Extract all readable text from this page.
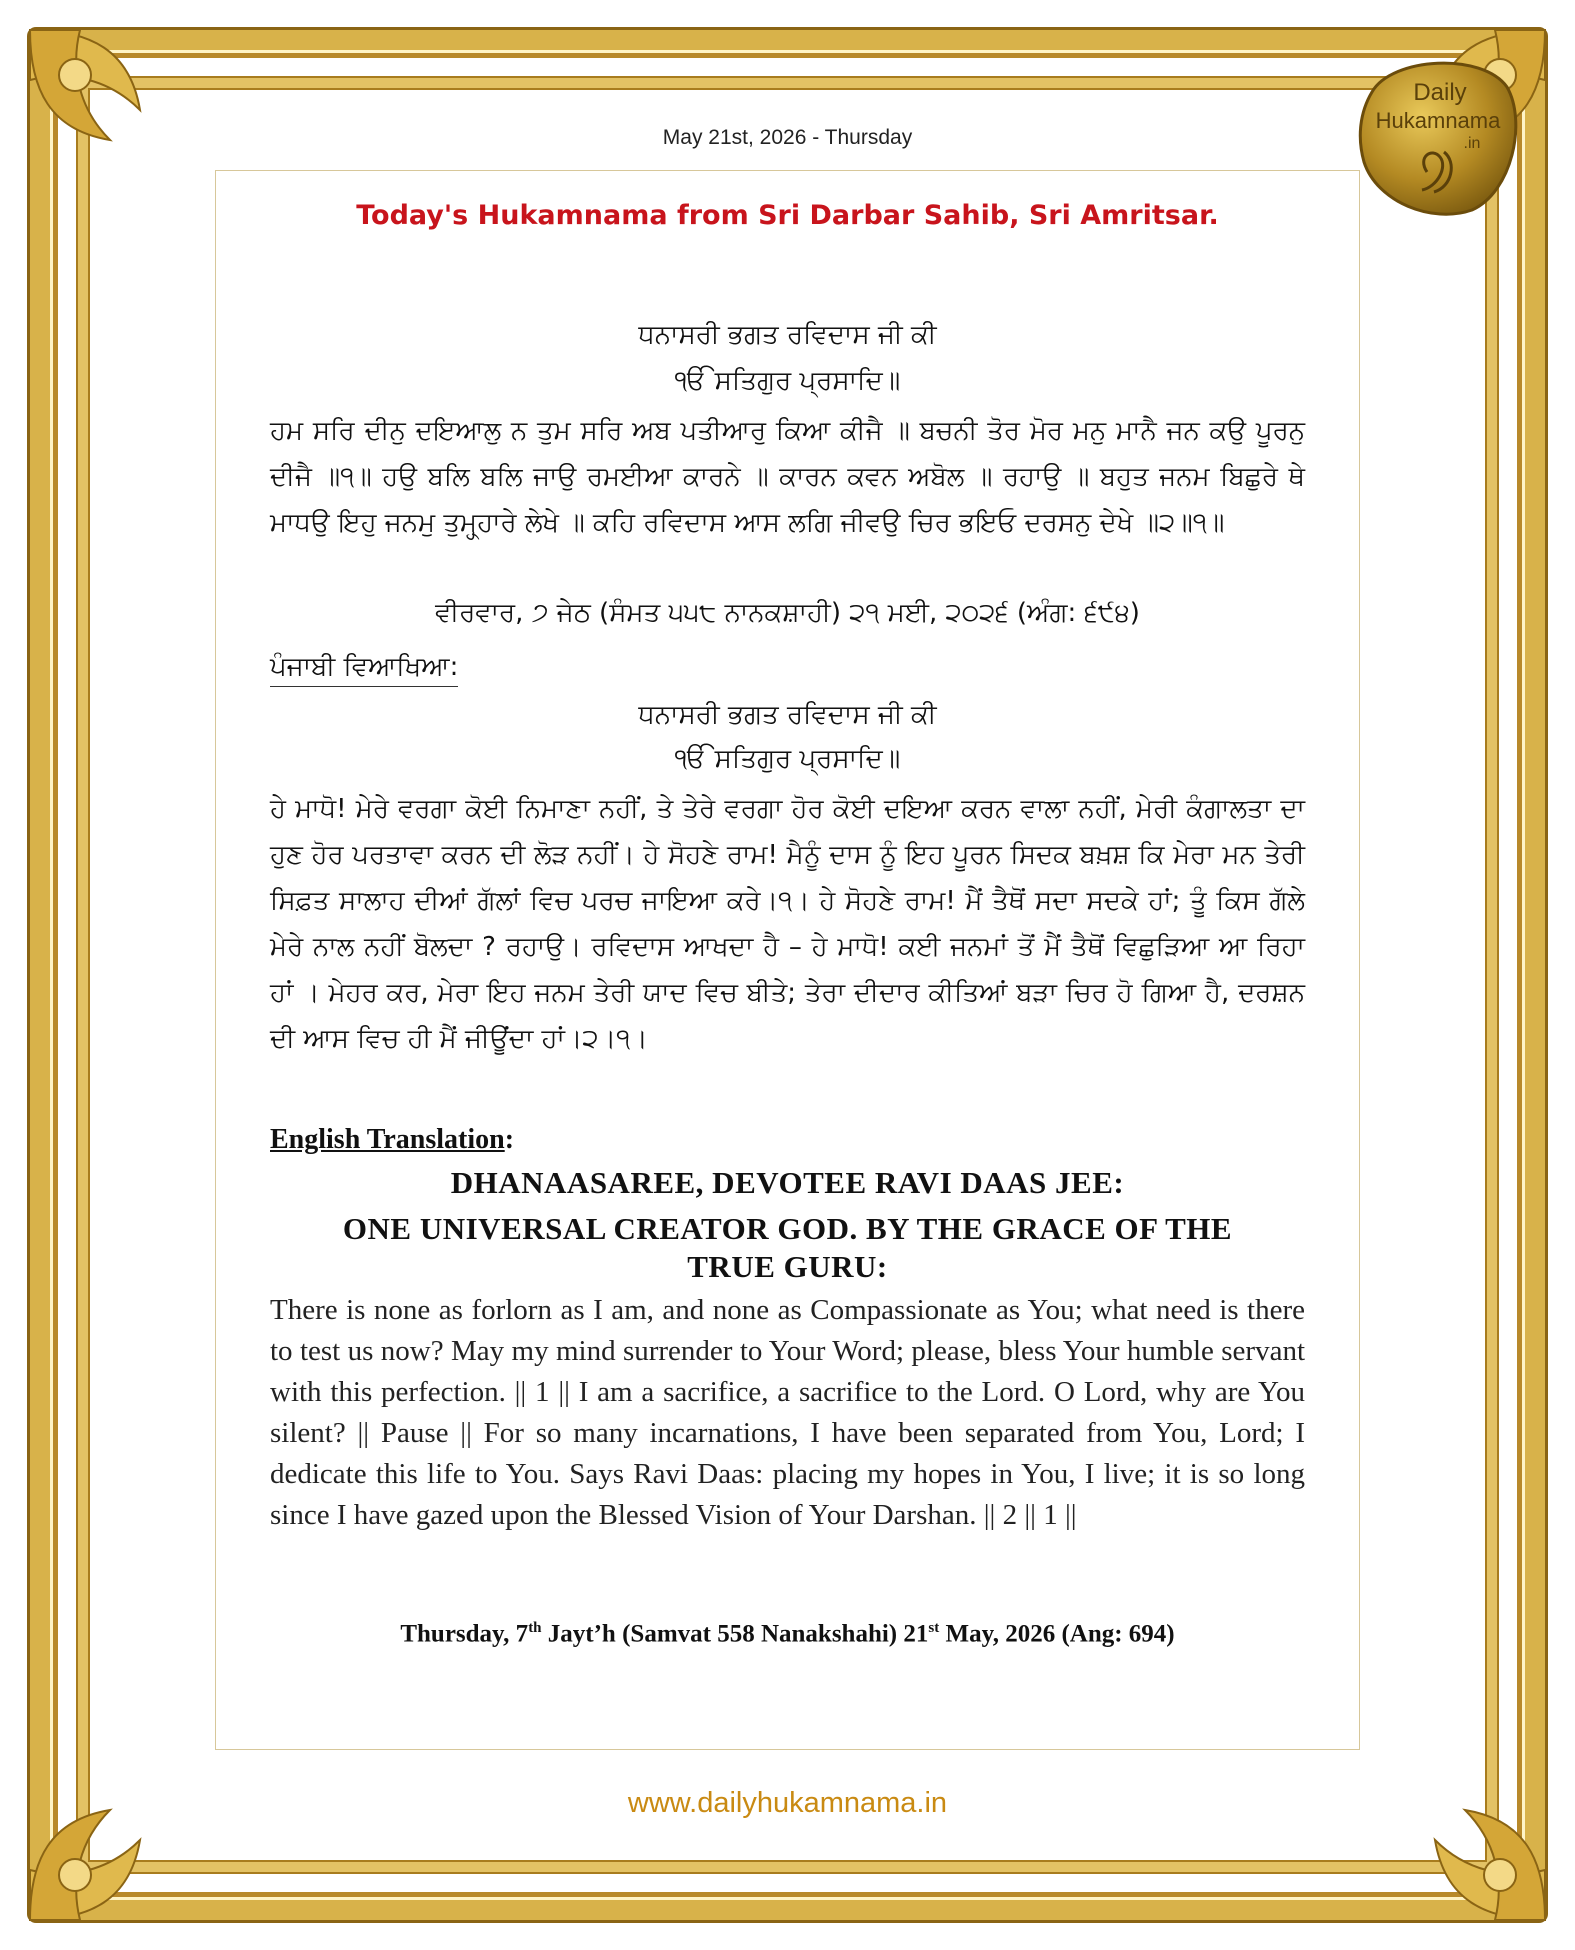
Daily
Hukamnama
.in
May 21st, 2026 - Thursday
Today's Hukamnama from Sri Darbar Sahib, Sri Amritsar.
ਧਨਾਸਰੀ ਭਗਤ ਰਵਿਦਾਸ ਜੀ ਕੀ
ੴ ਸਤਿਗੁਰ ਪ੍ਰਸਾਦਿ॥
ਹਮ ਸਰਿ ਦੀਨੁ ਦਇਆਲੁ ਨ ਤੁਮ ਸਰਿ ਅਬ ਪਤੀਆਰੁ ਕਿਆ ਕੀਜੈ ॥ ਬਚਨੀ ਤੋਰ ਮੋਰ ਮਨੁ ਮਾਨੈ ਜਨ ਕਉ ਪੂਰਨੁ ਦੀਜੈ ॥੧॥ ਹਉ ਬਲਿ ਬਲਿ ਜਾਉ ਰਮਈਆ ਕਾਰਨੇ ॥ ਕਾਰਨ ਕਵਨ ਅਬੋਲ ॥ ਰਹਾਉ ॥ ਬਹੁਤ ਜਨਮ ਬਿਛੁਰੇ ਥੇ ਮਾਧਉ ਇਹੁ ਜਨਮੁ ਤੁਮ੍ਹ੍ਹਾਰੇ ਲੇਖੇ ॥ ਕਹਿ ਰਵਿਦਾਸ ਆਸ ਲਗਿ ਜੀਵਉ ਚਿਰ ਭਇਓ ਦਰਸਨੁ ਦੇਖੇ ॥੨॥੧॥
ਵੀਰਵਾਰ, ੭ ਜੇਠ (ਸੰਮਤ ੫੫੮ ਨਾਨਕਸ਼ਾਹੀ) ੨੧ ਮਈ, ੨੦੨੬ (ਅੰਗ: ੬੯੪)
ਪੰਜਾਬੀ ਵਿਆਖਿਆ:
ਧਨਾਸਰੀ ਭਗਤ ਰਵਿਦਾਸ ਜੀ ਕੀ
ੴ ਸਤਿਗੁਰ ਪ੍ਰਸਾਦਿ॥
ਹੇ ਮਾਧੋ! ਮੇਰੇ ਵਰਗਾ ਕੋਈ ਨਿਮਾਣਾ ਨਹੀਂ, ਤੇ ਤੇਰੇ ਵਰਗਾ ਹੋਰ ਕੋਈ ਦਇਆ ਕਰਨ ਵਾਲਾ ਨਹੀਂ, ਮੇਰੀ ਕੰਗਾਲਤਾ ਦਾ ਹੁਣ ਹੋਰ ਪਰਤਾਵਾ ਕਰਨ ਦੀ ਲੋੜ ਨਹੀਂ। ਹੇ ਸੋਹਣੇ ਰਾਮ! ਮੈਨੂੰ ਦਾਸ ਨੂੰ ਇਹ ਪੂਰਨ ਸਿਦਕ ਬਖ਼ਸ਼ ਕਿ ਮੇਰਾ ਮਨ ਤੇਰੀ ਸਿਫ਼ਤ ਸਾਲਾਹ ਦੀਆਂ ਗੱਲਾਂ ਵਿਚ ਪਰਚ ਜਾਇਆ ਕਰੇ।੧। ਹੇ ਸੋਹਣੇ ਰਾਮ! ਮੈਂ ਤੈਥੋਂ ਸਦਾ ਸਦਕੇ ਹਾਂ; ਤੂੰ ਕਿਸ ਗੱਲੇ ਮੇਰੇ ਨਾਲ ਨਹੀਂ ਬੋਲਦਾ ? ਰਹਾਉ। ਰਵਿਦਾਸ ਆਖਦਾ ਹੈ – ਹੇ ਮਾਧੋ! ਕਈ ਜਨਮਾਂ ਤੋਂ ਮੈਂ ਤੈਥੋਂ ਵਿਛੁੜਿਆ ਆ ਰਿਹਾ ਹਾਂ । ਮੇਹਰ ਕਰ, ਮੇਰਾ ਇਹ ਜਨਮ ਤੇਰੀ ਯਾਦ ਵਿਚ ਬੀਤੇ; ਤੇਰਾ ਦੀਦਾਰ ਕੀਤਿਆਂ ਬੜਾ ਚਿਰ ਹੋ ਗਿਆ ਹੈ, ਦਰਸ਼ਨ ਦੀ ਆਸ ਵਿਚ ਹੀ ਮੈਂ ਜੀਊਂਦਾ ਹਾਂ।੨।੧।
English Translation:
DHANAASAREE, DEVOTEE RAVI DAAS JEE:
ONE UNIVERSAL CREATOR GOD. BY THE GRACE OF THE
TRUE GURU:
There is none as forlorn as I am, and none as Compassionate as You; what need is there to test us now? May my mind surrender to Your Word; please, bless Your humble servant with this perfection. || 1 || I am a sacrifice, a sacrifice to the Lord. O Lord, why are You silent? || Pause || For so many incarnations, I have been separated from You, Lord; I dedicate this life to You. Says Ravi Daas: placing my hopes in You, I live; it is so long since I have gazed upon the Blessed Vision of Your Darshan. || 2 || 1 ||
Thursday, 7th Jayt’h (Samvat 558 Nanakshahi) 21st May, 2026 (Ang: 694)
www.dailyhukamnama.in
